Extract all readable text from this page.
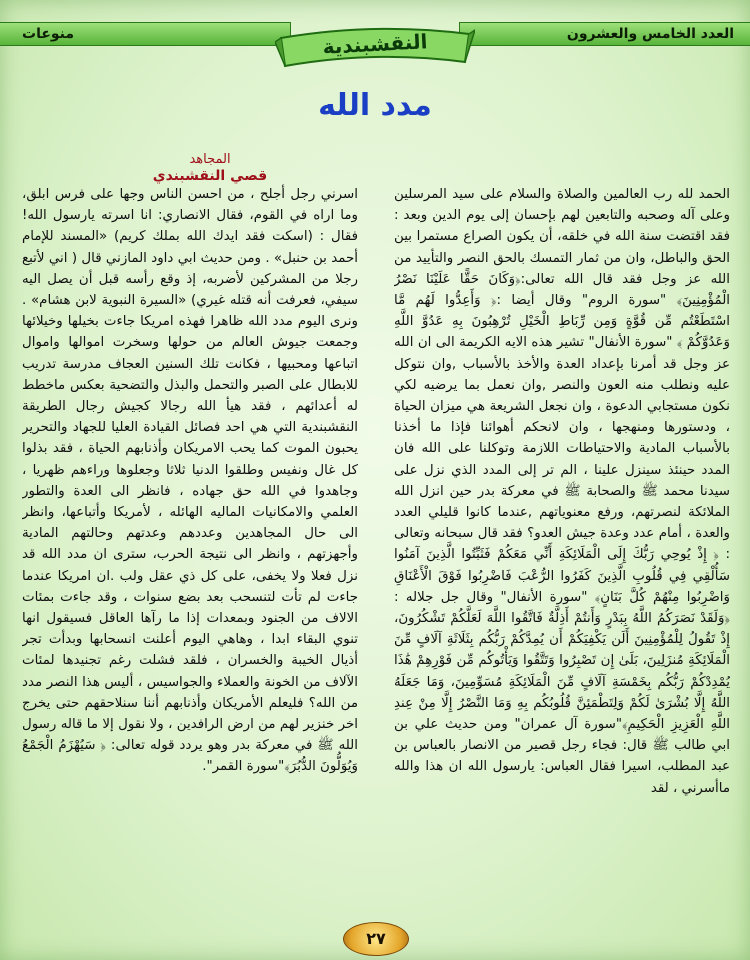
العدد الخامس والعشرون
منوعات	النقشبندية
مدد الله
المجاهد
قصي النقشبندي

الحمد لله رب العالمين والصلاة والسلام على سيد المرسلين وعلى آله وصحبه والتابعين لهم بإحسان إلى يوم الدين وبعد : فقد اقتضت سنة الله في خلقه، أن يكون الصراع مستمرا بين الحق والباطل، وان من ثمار التمسك بالحق النصر والتأييد من الله عز وجل فقد قال الله تعالى:﴿وَكَانَ حَقًّا عَلَيْنَا نَصْرُ الْمُؤْمِنِينَ﴾ "سورة الروم" وقال أيضا :﴿ وَأَعِدُّوا لَهُم مَّا اسْتَطَعْتُم مِّن قُوَّةٍ وَمِن رِّبَاطِ الْخَيْلِ تُرْهِبُونَ بِهِ عَدُوَّ اللَّهِ وَعَدُوَّكُمْ ﴾ "سورة الأنفال" تشير هذه الايه الكريمة الى ان الله عز وجل قد أمرنا بإعداد العدة والأخذ بالأسباب ,وان نتوكل عليه ونطلب منه العون والنصر ,وان نعمل بما يرضيه لكي نكون مستجابي الدعوة ، وان نجعل الشريعة هي ميزان الحياة ، ودستورها ومنهجها ، وان لانحكم أهوائنا فإذا ما أخذنا بالأسباب المادية والاحتياطات اللازمة وتوكلنا على الله فان المدد حينئذ سينزل علينا ، الم تر إلى المدد الذي نزل على سيدنا محمد ﷺ والصحابة ﷺ في معركة بدر حين انزل الله الملائكة لنصرتهم، ورفع معنوياتهم ,عندما كانوا قليلي العدد والعدة ، أمام عدد وعدة جيش العدو؟ فقد قال سبحانه وتعالى : ﴿ إِذْ يُوحِي رَبُّكَ إِلَى الْمَلَائِكَةِ أَنِّي مَعَكُمْ فَثَبِّتُوا الَّذِينَ آمَنُوا سَأُلْقِي فِي قُلُوبِ الَّذِينَ كَفَرُوا الرُّعْبَ فَاضْرِبُوا فَوْقَ الْأَعْنَاقِ وَاضْرِبُوا مِنْهُمْ كُلَّ بَنَانٍ﴾ "سورة الأنفال" وقال جل جلاله : ﴿وَلَقَدْ نَصَرَكُمُ اللَّهُ بِبَدْرٍ وَأَنتُمْ أَذِلَّةٌ فَاتَّقُوا اللَّهَ لَعَلَّكُمْ تَشْكُرُونَ، إِذْ تَقُولُ لِلْمُؤْمِنِينَ أَلَن يَكْفِيَكُمْ أَن يُمِدَّكُمْ رَبُّكُم بِثَلَاثَةِ آلَافٍ مِّنَ الْمَلَائِكَةِ مُنزَلِينَ، بَلَىٰ إِن تَصْبِرُوا وَتَتَّقُوا وَيَأْتُوكُم مِّن فَوْرِهِمْ هَٰذَا يُمْدِدْكُمْ رَبُّكُم بِخَمْسَةِ آلَافٍ مِّنَ الْمَلَائِكَةِ مُسَوِّمِينَ، وَمَا جَعَلَهُ اللَّهُ إِلَّا بُشْرَىٰ لَكُمْ وَلِتَطْمَئِنَّ قُلُوبُكُم بِهِ وَمَا النَّصْرُ إِلَّا مِنْ عِندِ اللَّهِ الْعَزِيزِ الْحَكِيمِ﴾"سورة آل عمران" ومن حديث علي بن ابي طالب ﷺ قال: فجاء رجل قصير من الانصار بالعباس بن عبد المطلب، اسيرا فقال العباس: يارسول الله ان هذا والله ماأسرني ، لقد

اسرني رجل أجلح ، من احسن الناس وجها على فرس ابلق، وما اراه في القوم، فقال الانصاري: انا اسرته يارسول الله! فقال : (اسكت فقد ايدك الله بملك كريم) «المسند للإمام أحمد بن حنبل» . ومن حديث ابي داود المازني قال ( اني لأتبع رجلا من المشركين لأضربه، إذ وقع رأسه قبل أن يصل اليه سيفي، فعرفت أنه قتله غيري) «السيرة النبوية لابن هشام» . ونرى اليوم مدد الله ظاهرا فهذه امريكا جاءت بخيلها وخيلائها وجمعت جيوش العالم من حولها وسخرت اموالها واموال اتباعها ومحبيها ، فكانت تلك السنين العجاف مدرسة تدريب للابطال على الصبر والتحمل والبذل والتضحية بعكس ماخطط له أعدائهم ، فقد هيأ الله رجالا كجيش رجال الطريقة النقشبندية التي هي احد فصائل القيادة العليا للجهاد والتحرير يحبون الموت كما يحب الامريكان وأذنابهم الحياة ، فقد بذلوا كل غال ونفيس وطلقوا الدنيا ثلاثا وجعلوها وراءهم ظهريا ، وجاهدوا في الله حق جهاده ، فانظر الى العدة والتطور العلمي والامكانيات الماليه الهائله ، لأمريكا وأتباعها، وانظر الى حال المجاهدين وعددهم وعدتهم وحالتهم المادية وأجهزتهم ، وانظر الى نتيجة الحرب، سترى ان مدد الله قد نزل فعلا ولا يخفى، على كل ذي عقل ولب .ان امريكا عندما جاءت لم تأت لتنسحب بعد بضع سنوات ، وقد جاءت بمئات الالاف من الجنود وبمعدات إذا ما رآها العاقل فسيقول انها تنوي البقاء ابدا ، وهاهي اليوم أعلنت انسحابها وبدأت تجر أذيال الخيبة والخسران ، فلقد فشلت رغم تجنيدها لمئات الآلاف من الخونة والعملاء والجواسيس ، أليس هذا النصر مدد من الله؟ فليعلم الأمريكان وأذنابهم أننا سنلاحقهم حتى يخرج اخر خنزير لهم من ارض الرافدين ، ولا نقول إلا ما قاله رسول الله ﷺ في معركة بدر وهو يردد قوله تعالى: ﴿ سَيُهْزَمُ الْجَمْعُ وَيُوَلُّونَ الدُّبُرَ﴾"سورة القمر".

٢٧
